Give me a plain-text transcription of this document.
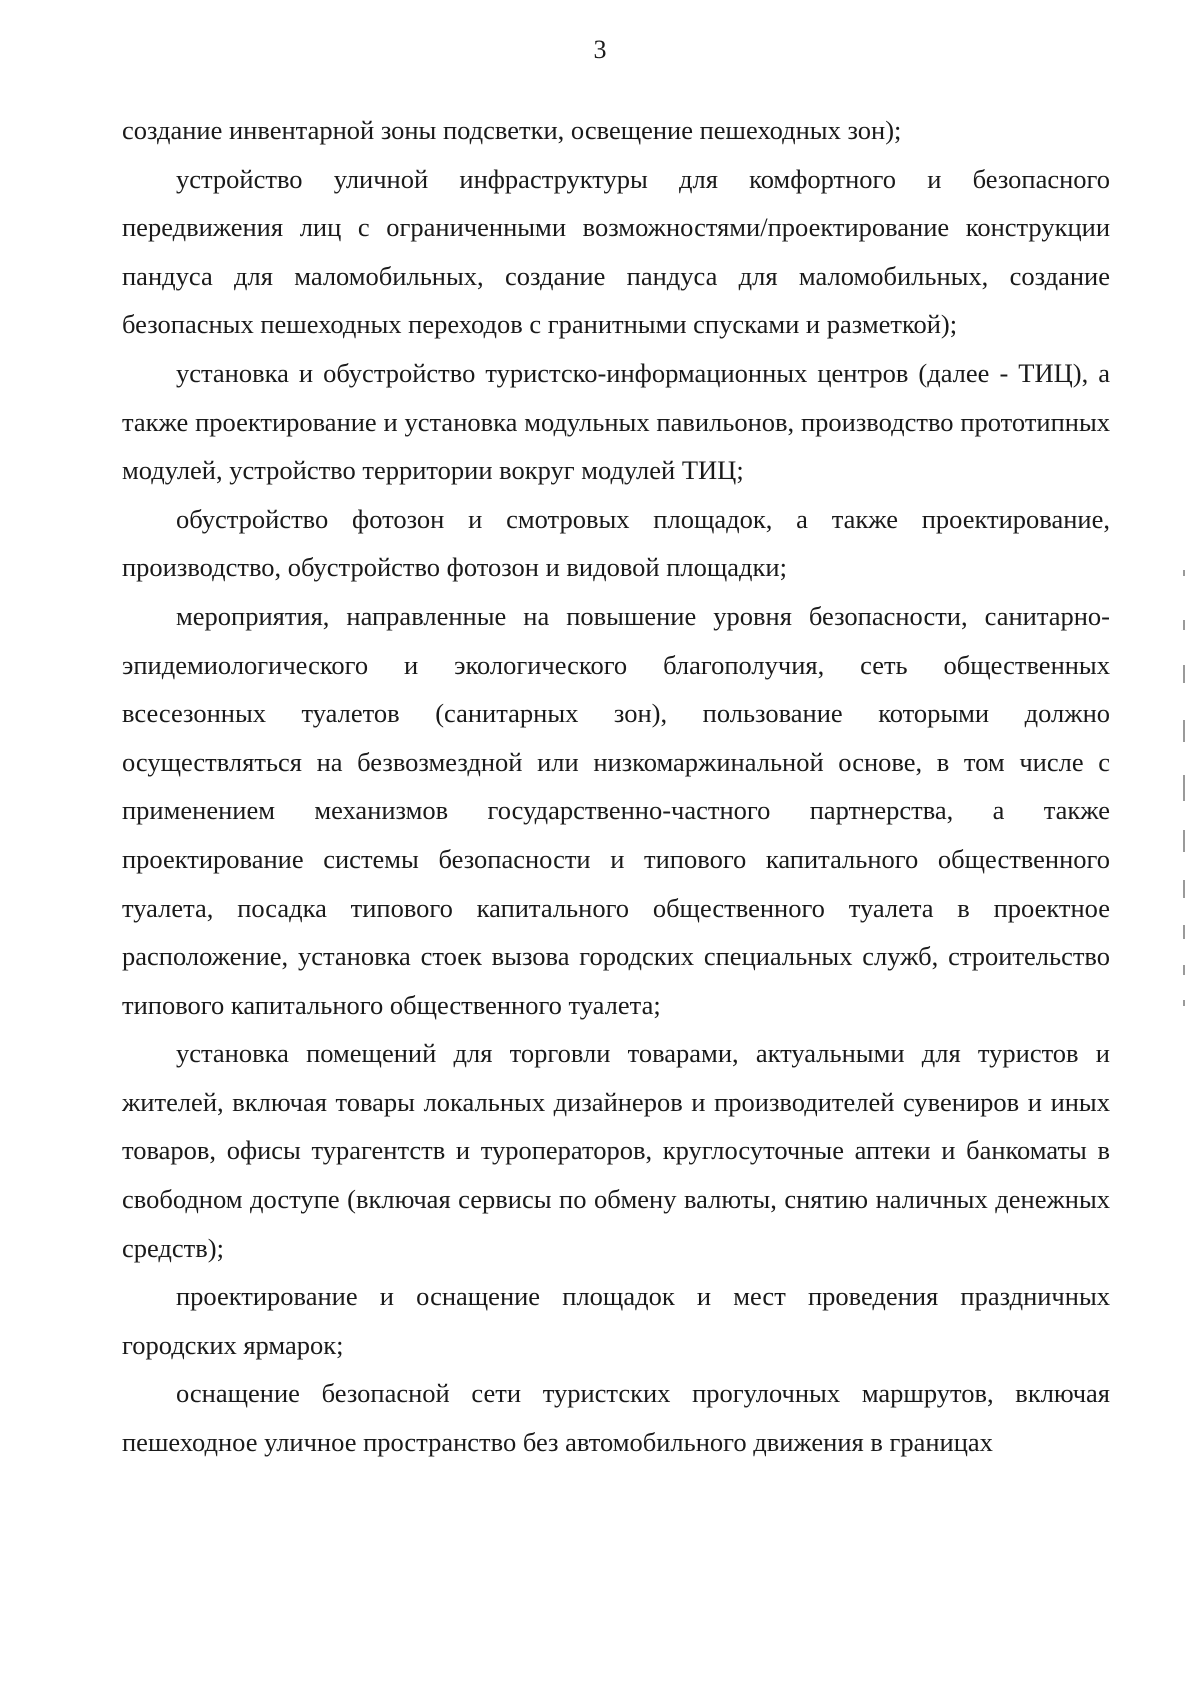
3

создание инвентарной зоны подсветки, освещение пешеходных зон);

устройство уличной инфраструктуры для комфортного и безопасного передвижения лиц с ограниченными возможностями/проектирование конструкции пандуса для маломобильных, создание пандуса для маломобильных, создание безопасных пешеходных переходов с гранитными спусками и разметкой);

установка и обустройство туристско-информационных центров (далее - ТИЦ), а также проектирование и установка модульных павильонов, производство прототипных модулей, устройство территории вокруг модулей ТИЦ;

обустройство фотозон и смотровых площадок, а также проектирование, производство, обустройство фотозон и видовой площадки;

мероприятия, направленные на повышение уровня безопасности, санитарно-эпидемиологического и экологического благополучия, сеть общественных всесезонных туалетов (санитарных зон), пользование которыми должно осуществляться на безвозмездной или низкомаржинальной основе, в том числе с применением механизмов государственно-частного партнерства, а также проектирование системы безопасности и типового капитального общественного туалета, посадка типового капитального общественного туалета в проектное расположение, установка стоек вызова городских специальных служб, строительство типового капитального общественного туалета;

установка помещений для торговли товарами, актуальными для туристов и жителей, включая товары локальных дизайнеров и производителей сувениров и иных товаров, офисы турагентств и туроператоров, круглосуточные аптеки и банкоматы в свободном доступе (включая сервисы по обмену валюты, снятию наличных денежных средств);

проектирование и оснащение площадок и мест проведения праздничных городских ярмарок;

оснащение безопасной сети туристских прогулочных маршрутов, включая пешеходное уличное пространство без автомобильного движения в границах
